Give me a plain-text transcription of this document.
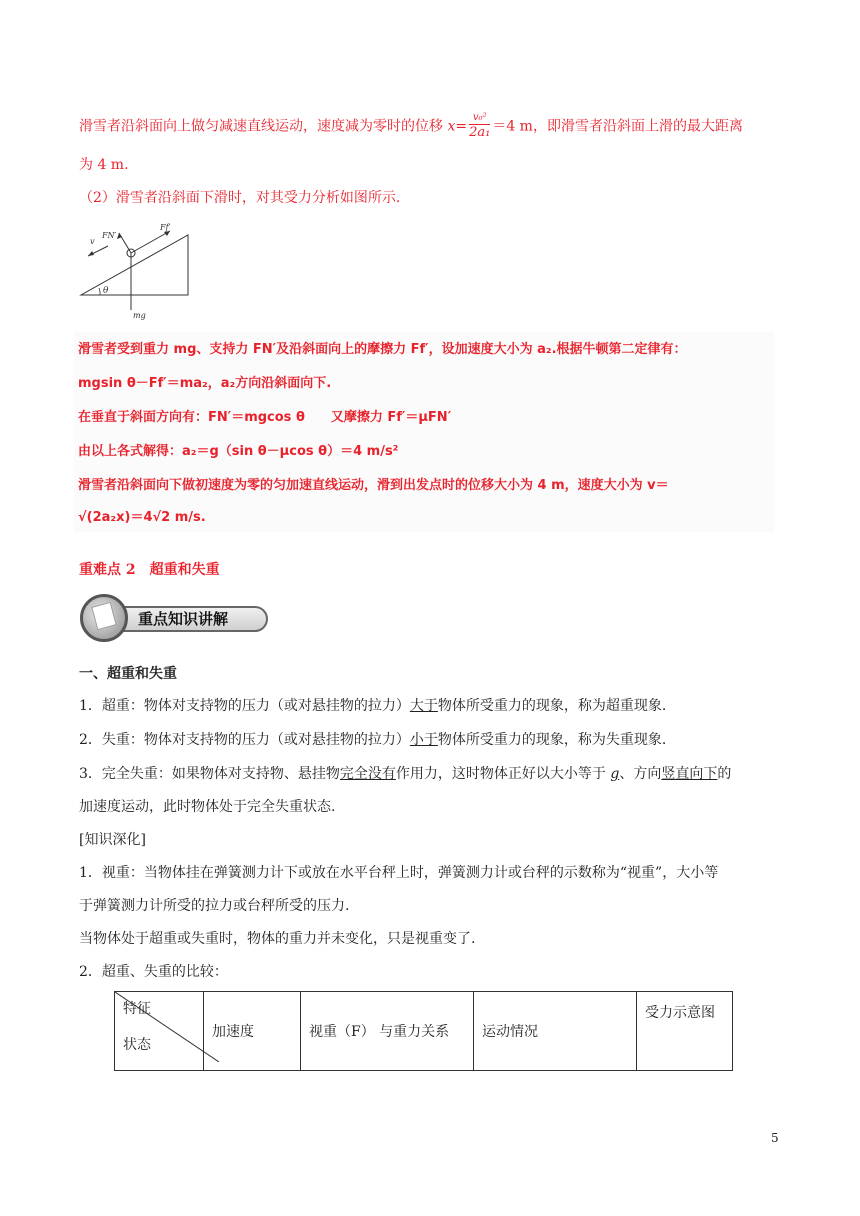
滑雪者沿斜面向上做匀减速直线运动，速度减为零时的位移 $x= \frac{\text{v₀²}}{\text{2a₁}} =4$ m，即滑雪者沿斜面上滑的最大距离
为 4 m.
（2）滑雪者沿斜面下滑时，对其受力分析如图所示.
θ
FN′
Ff′
v
mg
滑雪者受到重力 mg、支持力 FN′及沿斜面向上的摩擦力 Ff′，设加速度大小为 a₂.根据牛顿第二定律有：
mgsin θ－Ff′＝ma₂，a₂方向沿斜面向下.
在垂直于斜面方向有：FN′＝mgcos θ　　又摩擦力 Ff′＝μFN′
由以上各式解得：a₂＝g（sin θ－μcos θ）＝4 m/s²
滑雪者沿斜面向下做初速度为零的匀加速直线运动，滑到出发点时的位移大小为 4 m，速度大小为 v＝
√(2a₂x)＝4√2 m/s.
重难点 2　超重和失重
重点知识讲解
一、超重和失重
1．超重：物体对支持物的压力（或对悬挂物的拉力）大于物体所受重力的现象，称为超重现象.
2．失重：物体对支持物的压力（或对悬挂物的拉力）小于物体所受重力的现象，称为失重现象.
3．完全失重：如果物体对支持物、悬挂物完全没有作用力，这时物体正好以大小等于 g、方向竖直向下的
加速度运动，此时物体处于完全失重状态.
[知识深化]
1．视重：当物体挂在弹簧测力计下或放在水平台秤上时，弹簧测力计或台秤的示数称为“视重”，大小等
于弹簧测力计所受的拉力或台秤所受的压力.
当物体处于超重或失重时，物体的重力并未变化，只是视重变了.
2．超重、失重的比较：
特征
状态
	加速度	视重（F） 与重力关系	运动情况	受力示意图
5
